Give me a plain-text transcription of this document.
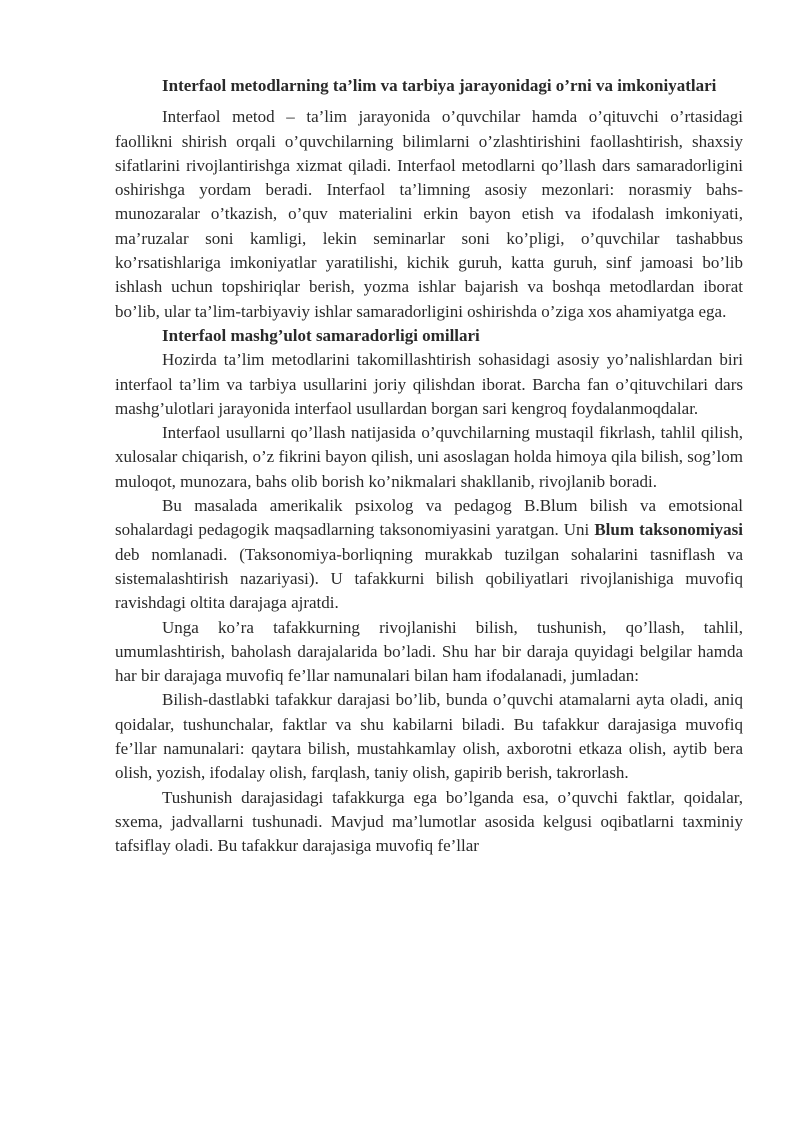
Interfaol metodlarning ta’lim va tarbiya jarayonidagi o’rni va imkoniyatlari

Interfaol metod – ta’lim jarayonida o’quvchilar hamda o’qituvchi o’rtasidagi faollikni shirish orqali o’quvchilarning bilimlarni o’zlashtirishini faollashtirish, shaxsiy sifatlarini rivojlantirishga xizmat qiladi. Interfaol metodlarni qo’llash dars samaradorligini oshirishga yordam beradi. Interfaol ta’limning asosiy mezonlari: norasmiy bahs-munozaralar o’tkazish, o’quv materialini erkin bayon etish va ifodalash imkoniyati, ma’ruzalar soni kamligi, lekin seminarlar soni ko’pligi, o’quvchilar tashabbus ko’rsatishlariga imkoniyatlar yaratilishi, kichik guruh, katta guruh, sinf jamoasi bo’lib ishlash uchun topshiriqlar berish, yozma ishlar bajarish va boshqa metodlardan iborat bo’lib, ular ta’lim-tarbiyaviy ishlar samaradorligini oshirishda o’ziga xos ahamiyatga ega.

Interfaol mashg’ulot samaradorligi omillari

Hozirda ta’lim metodlarini takomillashtirish sohasidagi asosiy yo’nalishlardan biri interfaol ta’lim va tarbiya usullarini joriy qilishdan iborat. Barcha fan o’qituvchilari dars mashg’ulotlari jarayonida interfaol usullardan borgan sari kengroq foydalanmoqdalar.

Interfaol usullarni qo’llash natijasida o’quvchilarning mustaqil fikrlash, tahlil qilish, xulosalar chiqarish, o’z fikrini bayon qilish, uni asoslagan holda himoya qila bilish, sog’lom muloqot, munozara, bahs olib borish ko’nikmalari shakllanib, rivojlanib boradi.

Bu masalada amerikalik psixolog va pedagog B.Blum bilish va emotsional sohalardagi pedagogik maqsadlarning taksonomiyasini yaratgan. Uni Blum taksonomiyasi deb nomlanadi. (Taksonomiya-borliqning murakkab tuzilgan sohalarini tasniflash va sistemalashtirish nazariyasi). U tafakkurni bilish qobiliyatlari rivojlanishiga muvofiq ravishdagi oltita darajaga ajratdi.

Unga ko’ra tafakkurning rivojlanishi bilish, tushunish, qo’llash, tahlil, umumlashtirish, baholash darajalarida bo’ladi. Shu har bir daraja quyidagi belgilar hamda har bir darajaga muvofiq fe’llar namunalari bilan ham ifodalanadi, jumladan:

Bilish-dastlabki tafakkur darajasi bo’lib, bunda o’quvchi atamalarni ayta oladi, aniq qoidalar, tushunchalar, faktlar va shu kabilarni biladi. Bu tafakkur darajasiga muvofiq fe’llar namunalari: qaytara bilish, mustahkamlay olish, axborotni etkaza olish, aytib bera olish, yozish, ifodalay olish, farqlash, taniy olish, gapirib berish, takrorlash.

Tushunish darajasidagi tafakkurga ega bo’lganda esa, o’quvchi faktlar, qoidalar, sxema, jadvallarni tushunadi. Mavjud ma’lumotlar asosida kelgusi oqibatlarni taxminiy tafsiflay oladi. Bu tafakkur darajasiga muvofiq fe’llar
